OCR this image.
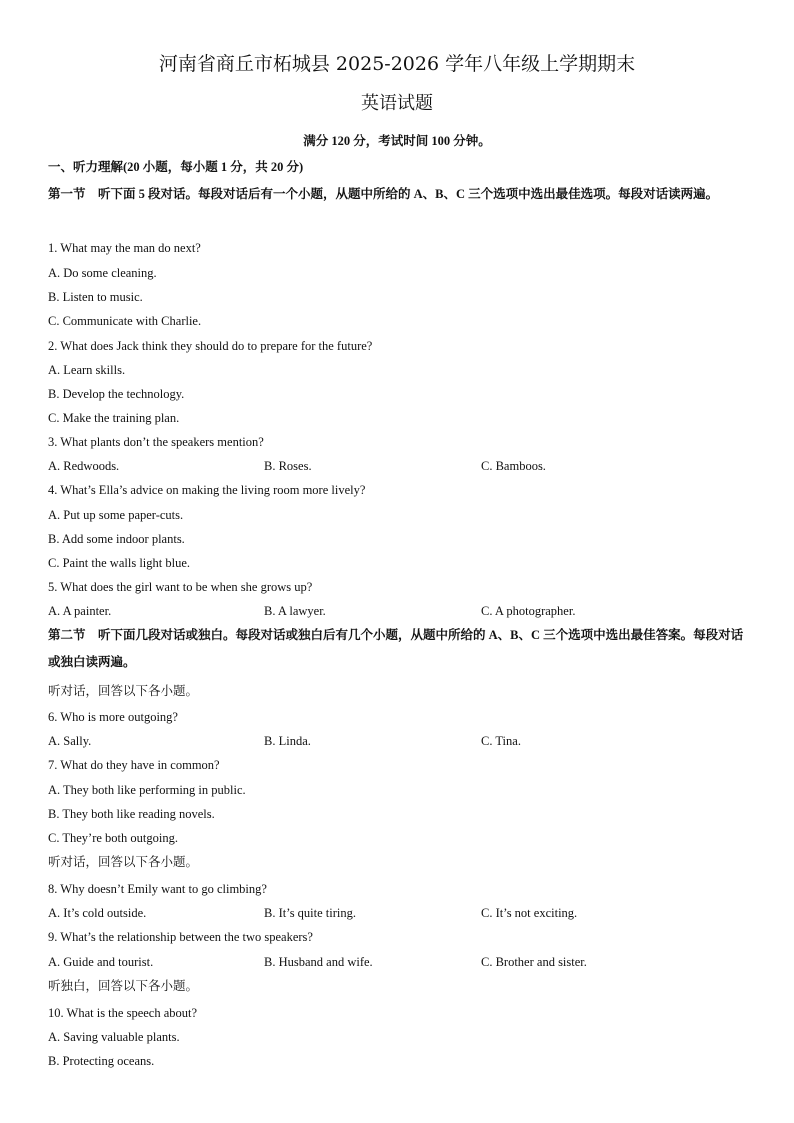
河南省商丘市柘城县 2025-2026 学年八年级上学期期末
英语试题
满分 120 分，考试时间 100 分钟。
一、听力理解(20 小题，每小题 1 分，共 20 分)
第一节　听下面 5 段对话。每段对话后有一个小题，从题中所给的 A、B、C 三个选项中选出最佳选项。每段对话读两遍。
1. What may the man do next?
A. Do some cleaning.
B. Listen to music.
C. Communicate with Charlie.
2. What does Jack think they should do to prepare for the future?
A. Learn skills.
B. Develop the technology.
C. Make the training plan.
3. What plants don’t the speakers mention?
A. Redwoods.	B. Roses.	C. Bamboos.
4. What’s Ella’s advice on making the living room more lively?
A. Put up some paper-cuts.
B. Add some indoor plants.
C. Paint the walls light blue.
5. What does the girl want to be when she grows up?
A. A painter.	B. A lawyer.	C. A photographer.
第二节　听下面几段对话或独白。每段对话或独白后有几个小题，从题中所给的 A、B、C 三个选项中选出最佳答案。每段对话或独白读两遍。
听对话，回答以下各小题。
6. Who is more outgoing?
A. Sally.	B. Linda.	C. Tina.
7. What do they have in common?
A. They both like performing in public.
B. They both like reading novels.
C. They’re both outgoing.
听对话，回答以下各小题。
8. Why doesn’t Emily want to go climbing?
A. It’s cold outside.	B. It’s quite tiring.	C. It’s not exciting.
9. What’s the relationship between the two speakers?
A. Guide and tourist.	B. Husband and wife.	C. Brother and sister.
听独白，回答以下各小题。
10. What is the speech about?
A. Saving valuable plants.
B. Protecting oceans.
